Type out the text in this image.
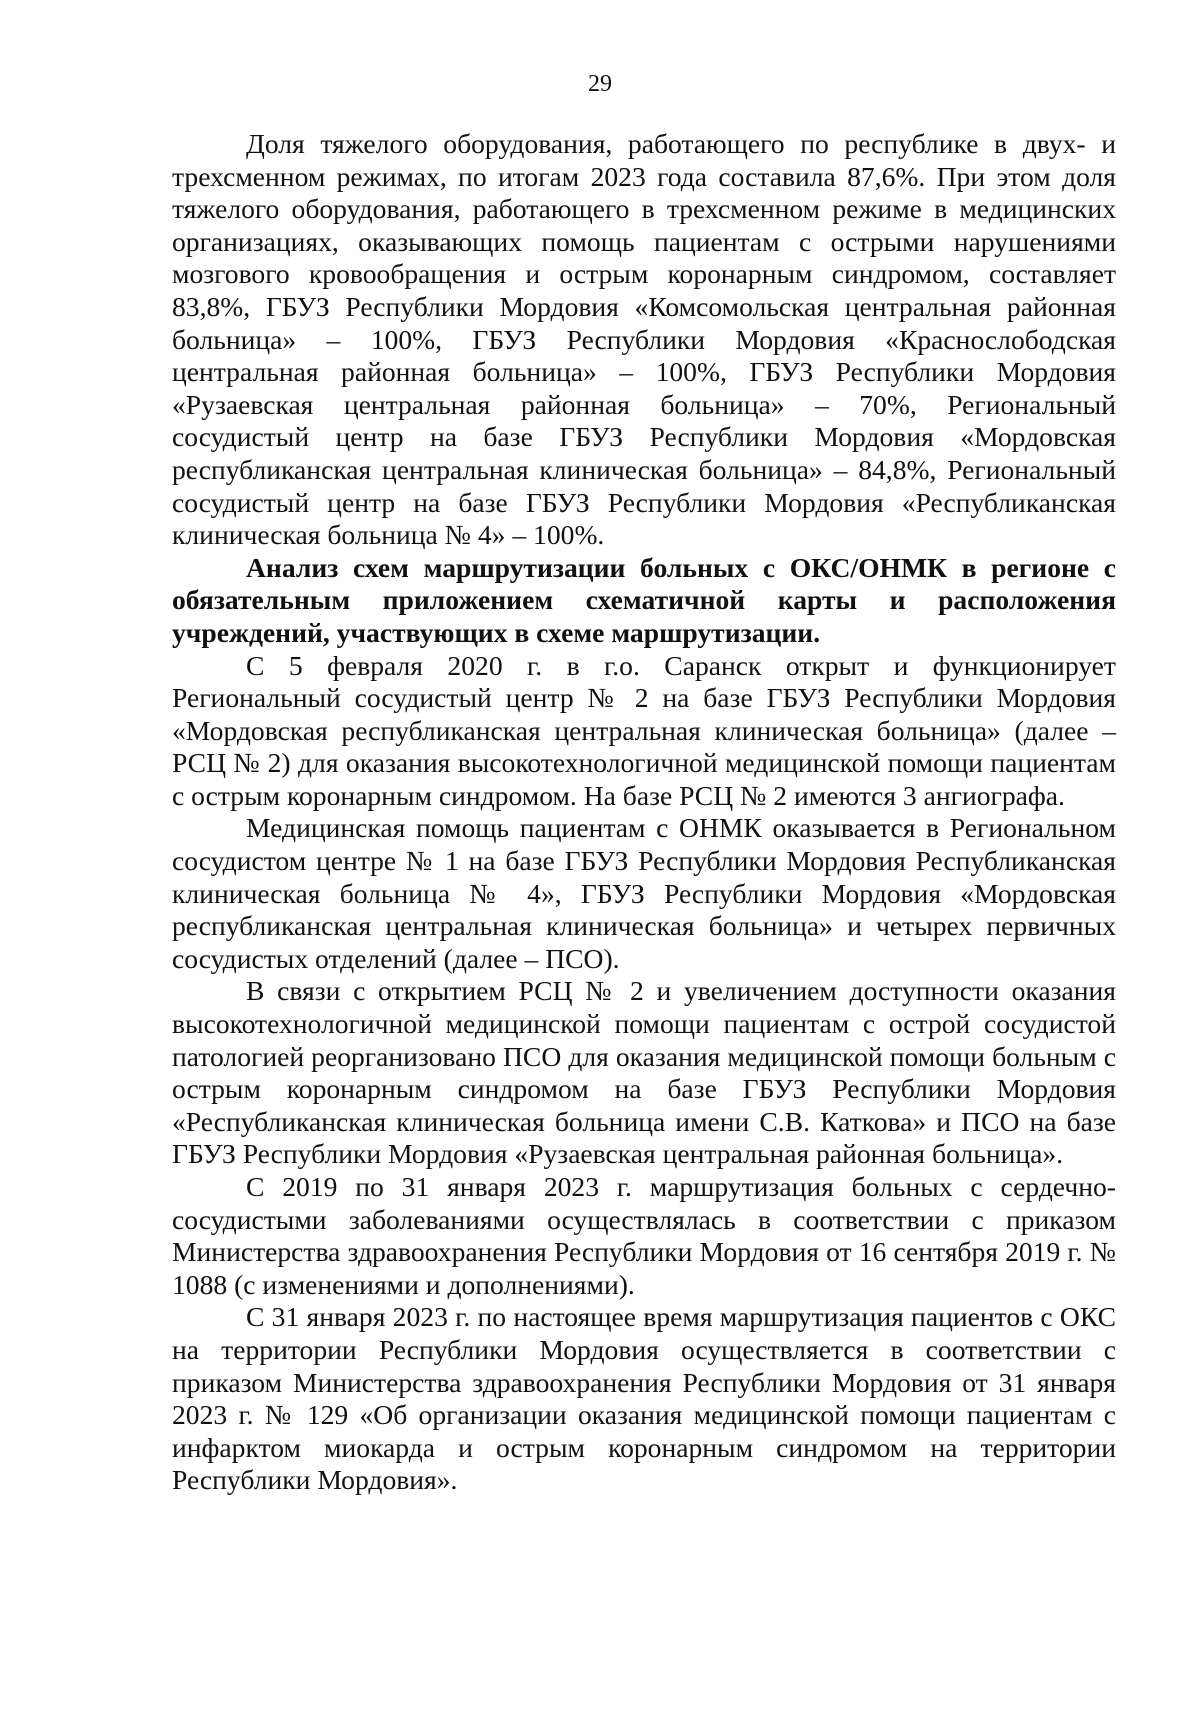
29

Доля тяжелого оборудования, работающего по республике в двух- и трехсменном режимах, по итогам 2023 года составила 87,6%. При этом доля тяжелого оборудования, работающего в трехсменном режиме в медицинских организациях, оказывающих помощь пациентам с острыми нарушениями мозгового кровообращения и острым коронарным синдромом, составляет 83,8%, ГБУЗ Республики Мордовия «Комсомольская центральная районная больница» – 100%, ГБУЗ Республики Мордовия «Краснослободская центральная районная больница» – 100%, ГБУЗ Республики Мордовия «Рузаевская центральная районная больница» – 70%, Региональный сосудистый центр на базе ГБУЗ Республики Мордовия «Мордовская республиканская центральная клиническая больница» – 84,8%, Региональный сосудистый центр на базе ГБУЗ Республики Мордовия «Республиканская клиническая больница № 4» – 100%.

Анализ схем маршрутизации больных с ОКС/ОНМК в регионе с обязательным приложением схематичной карты и расположения учреждений, участвующих в схеме маршрутизации.

С 5 февраля 2020 г. в г.о. Саранск открыт и функционирует Региональный сосудистый центр № 2 на базе ГБУЗ Республики Мордовия «Мордовская республиканская центральная клиническая больница» (далее – РСЦ № 2) для оказания высокотехнологичной медицинской помощи пациентам с острым коронарным синдромом. На базе РСЦ № 2 имеются 3 ангиографа.

Медицинская помощь пациентам с ОНМК оказывается в Региональном сосудистом центре № 1 на базе ГБУЗ Республики Мордовия Республиканская клиническая больница № 4», ГБУЗ Республики Мордовия «Мордовская республиканская центральная клиническая больница» и четырех первичных сосудистых отделений (далее – ПСО).

В связи с открытием РСЦ № 2 и увеличением доступности оказания высокотехнологичной медицинской помощи пациентам с острой сосудистой патологией реорганизовано ПСО для оказания медицинской помощи больным с острым коронарным синдромом на базе ГБУЗ Республики Мордовия «Республиканская клиническая больница имени С.В. Каткова» и ПСО на базе ГБУЗ Республики Мордовия «Рузаевская центральная районная больница».

С 2019 по 31 января 2023 г. маршрутизация больных с сердечно-сосудистыми заболеваниями осуществлялась в соответствии с приказом Министерства здравоохранения Республики Мордовия от 16 сентября 2019 г. № 1088 (с изменениями и дополнениями).

С 31 января 2023 г. по настоящее время маршрутизация пациентов с ОКС на территории Республики Мордовия осуществляется в соответствии с приказом Министерства здравоохранения Республики Мордовия от 31 января 2023 г. № 129 «Об организации оказания медицинской помощи пациентам с инфарктом миокарда и острым коронарным синдромом на территории Республики Мордовия».
